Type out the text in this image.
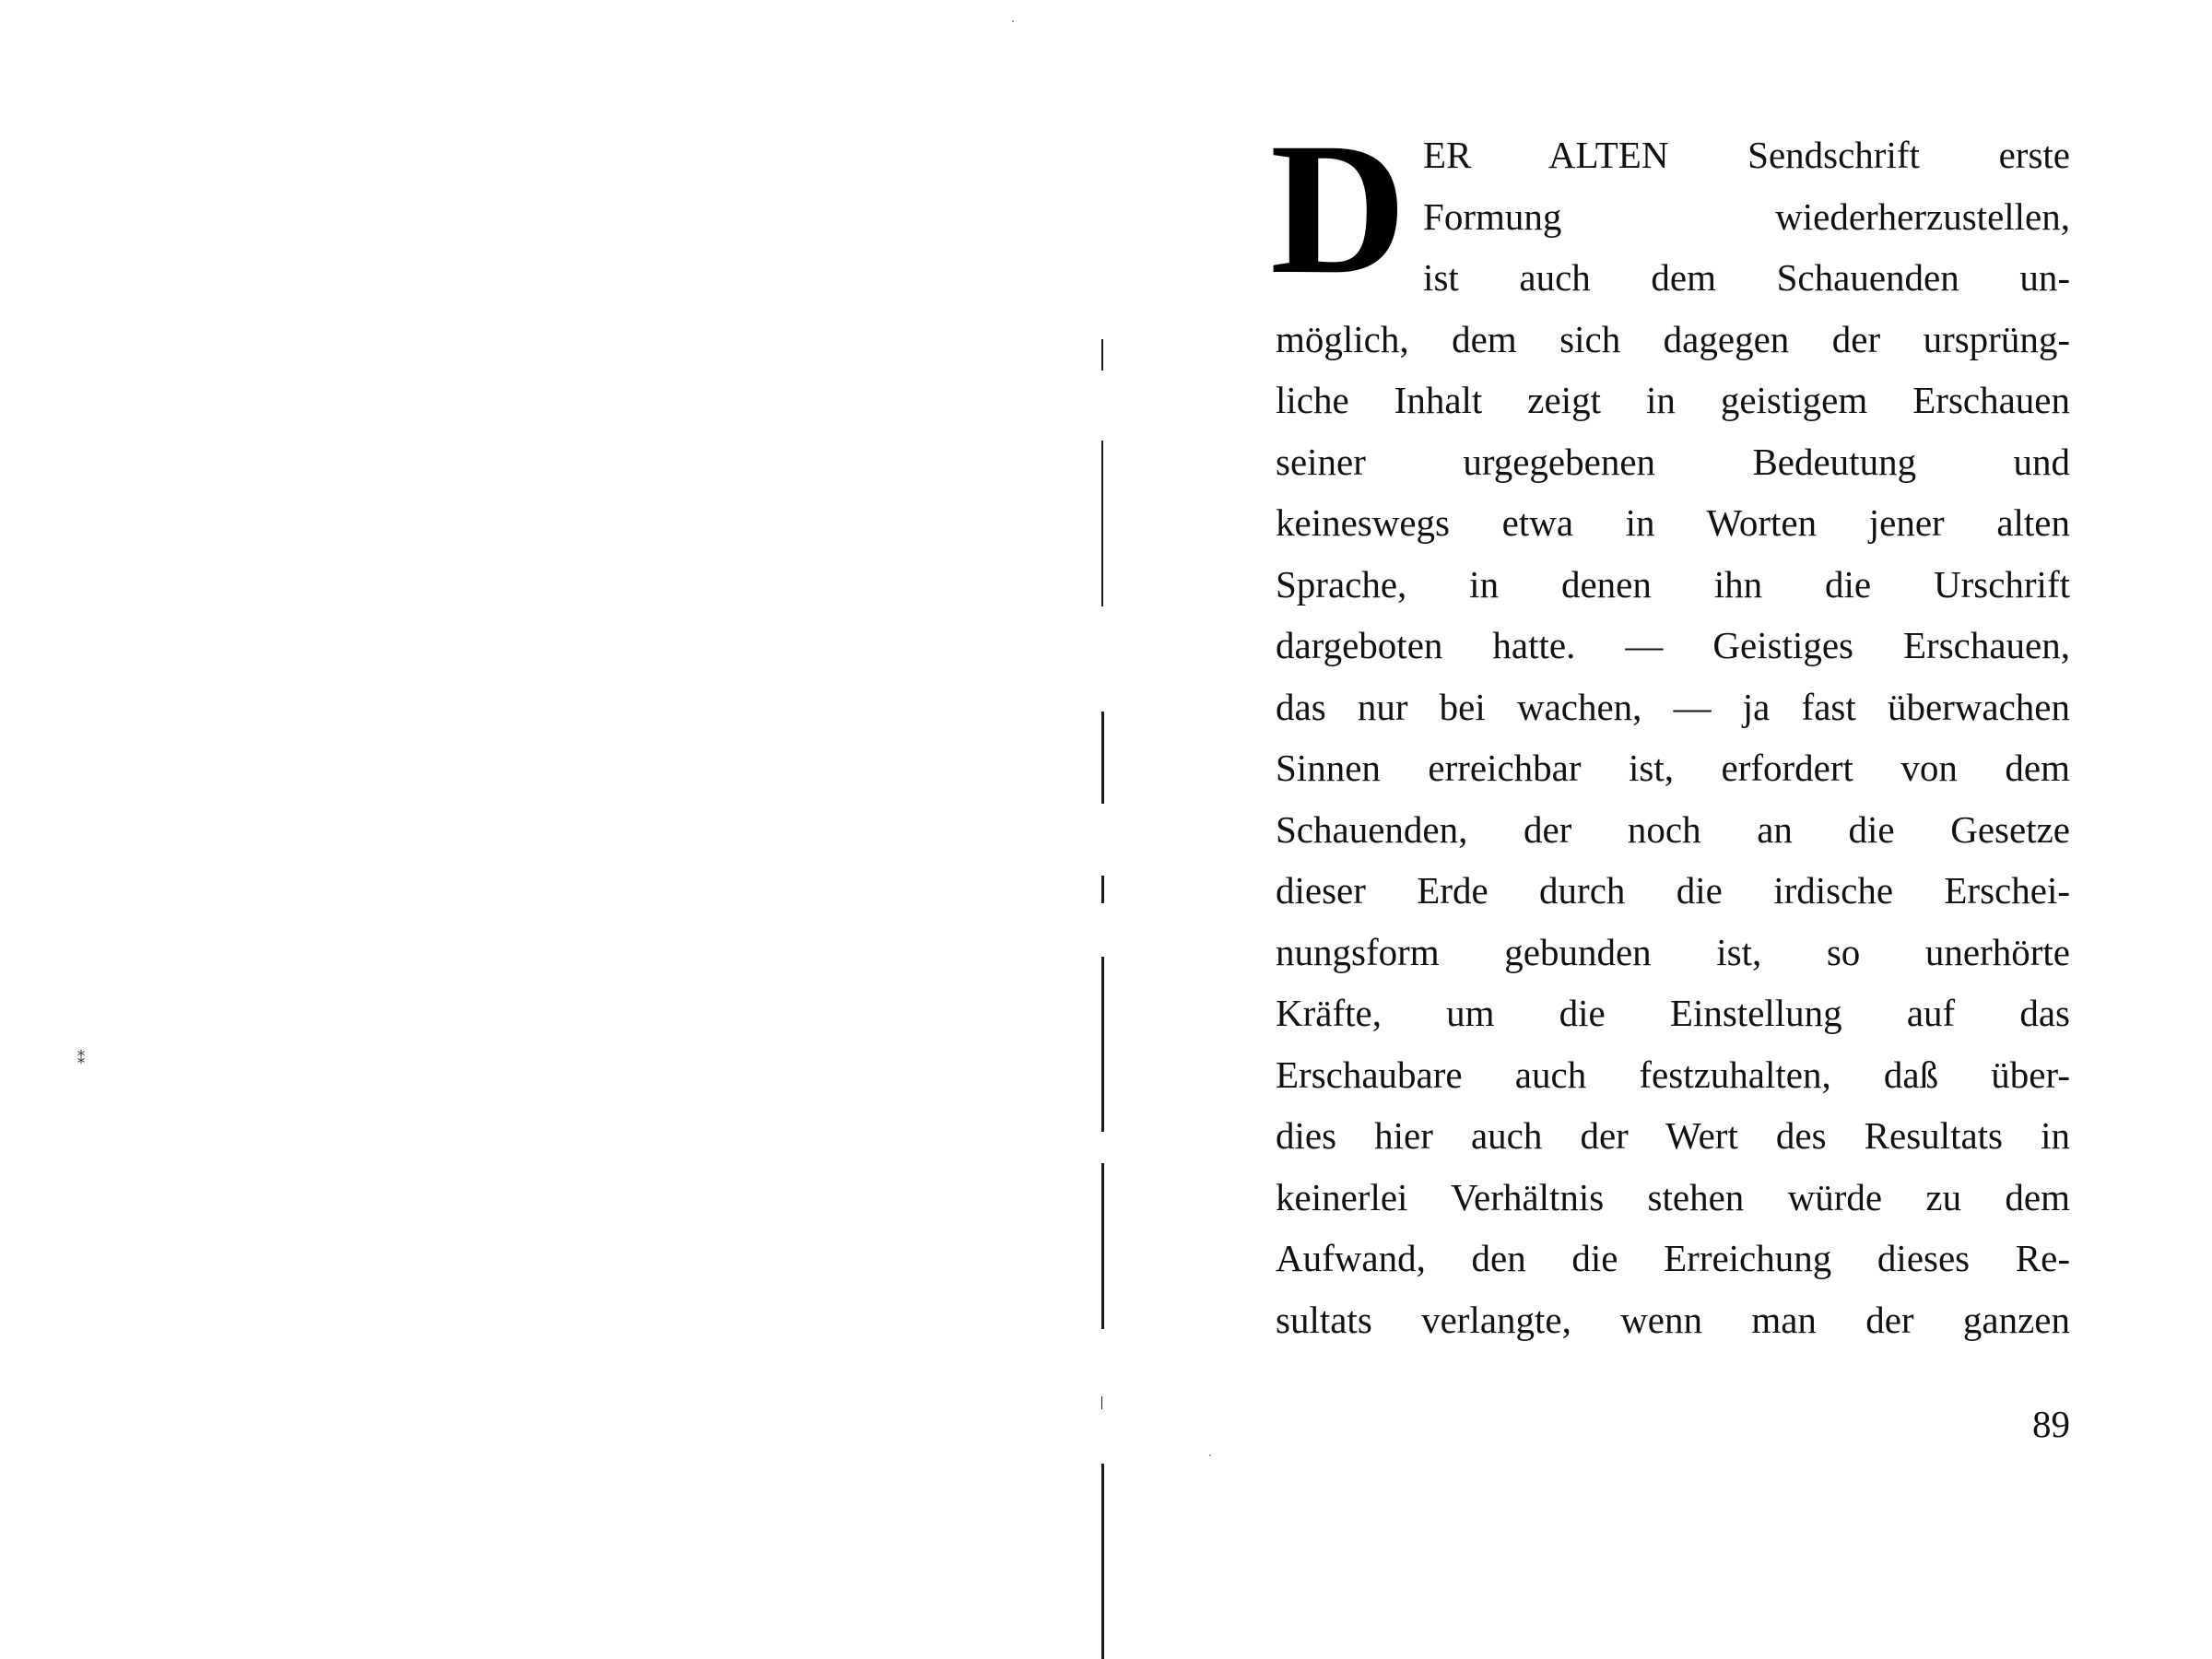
⁑
D ER ALTEN Sendschrift erste
Formung wiederherzustellen,
ist auch dem Schauenden un-
möglich, dem sich dagegen der ursprüng-
liche Inhalt zeigt in geistigem Erschauen
seiner urgegebenen Bedeutung und
keineswegs etwa in Worten jener alten
Sprache, in denen ihn die Urschrift
dargeboten hatte. — Geistiges Erschauen,
das nur bei wachen, — ja fast überwachen
Sinnen erreichbar ist, erfordert von dem
Schauenden, der noch an die Gesetze
dieser Erde durch die irdische Erschei-
nungsform gebunden ist, so unerhörte
Kräfte, um die Einstellung auf das
Erschaubare auch festzuhalten, daß über-
dies hier auch der Wert des Resultats in
keinerlei Verhältnis stehen würde zu dem
Aufwand, den die Erreichung dieses Re-
sultats verlangte, wenn man der ganzen
89
